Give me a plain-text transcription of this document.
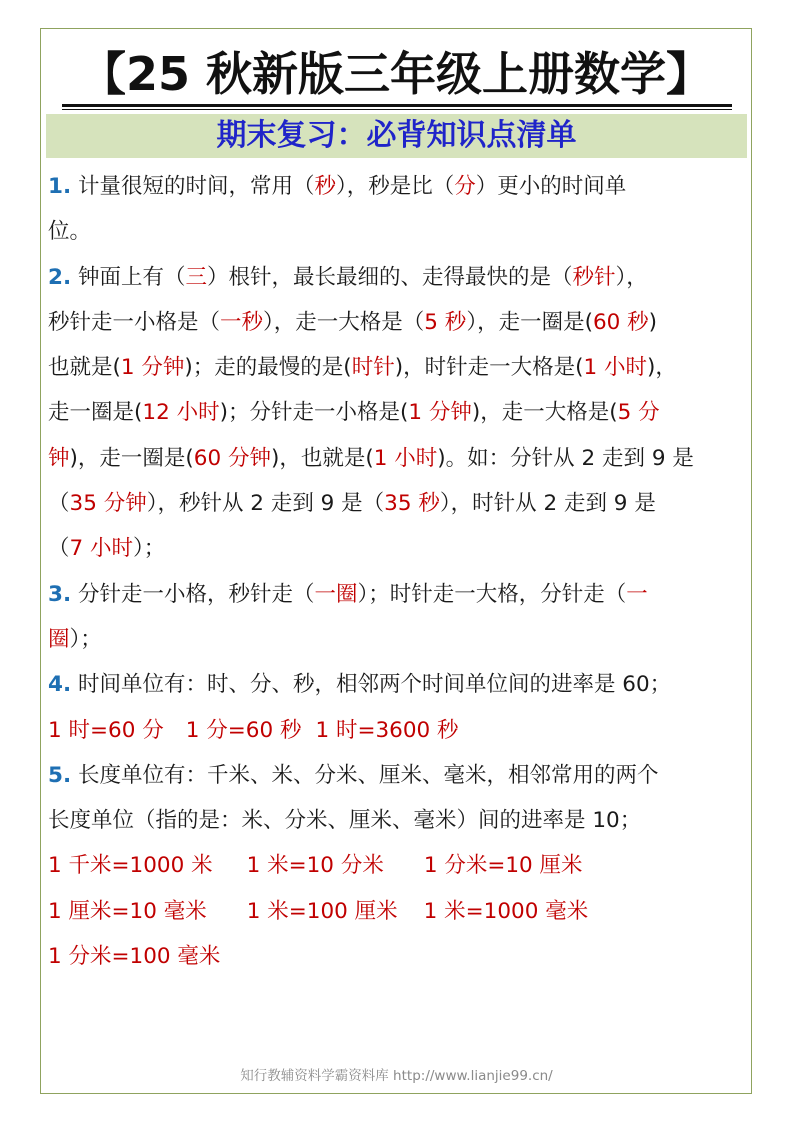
【25 秋新版三年级上册数学】
期末复习：必背知识点清单
1. 计量很短的时间，常用（秒），秒是比（分）更小的时间单
位。
2. 钟面上有（三）根针，最长最细的、走得最快的是（秒针），
秒针走一小格是（一秒），走一大格是（5 秒），走一圈是(60 秒)
也就是(1 分钟)；走的最慢的是(时针)，时针走一大格是(1 小时)，
走一圈是(12 小时)；分针走一小格是(1 分钟)，走一大格是(5 分
钟)，走一圈是(60 分钟)，也就是(1 小时)。如：分针从 2 走到 9 是
（35 分钟），秒针从 2 走到 9 是（35 秒），时针从 2 走到 9 是
（7 小时）；
3. 分针走一小格，秒针走（一圈）；时针走一大格，分针走（一
圈）；
4. 时间单位有：时、分、秒，相邻两个时间单位间的进率是 60；
1 时=60 分 1 分=60 秒 1 时=3600 秒
5. 长度单位有：千米、米、分米、厘米、毫米，相邻常用的两个
长度单位（指的是：米、分米、厘米、毫米）间的进率是 10；
1 千米=1000 米 1 米=10 分米 1 分米=10 厘米
1 厘米=10 毫米 1 米=100 厘米 1 米=1000 毫米
1 分米=100 毫米
知行教辅资料学霸资料库 http://www.lianjie99.cn/
